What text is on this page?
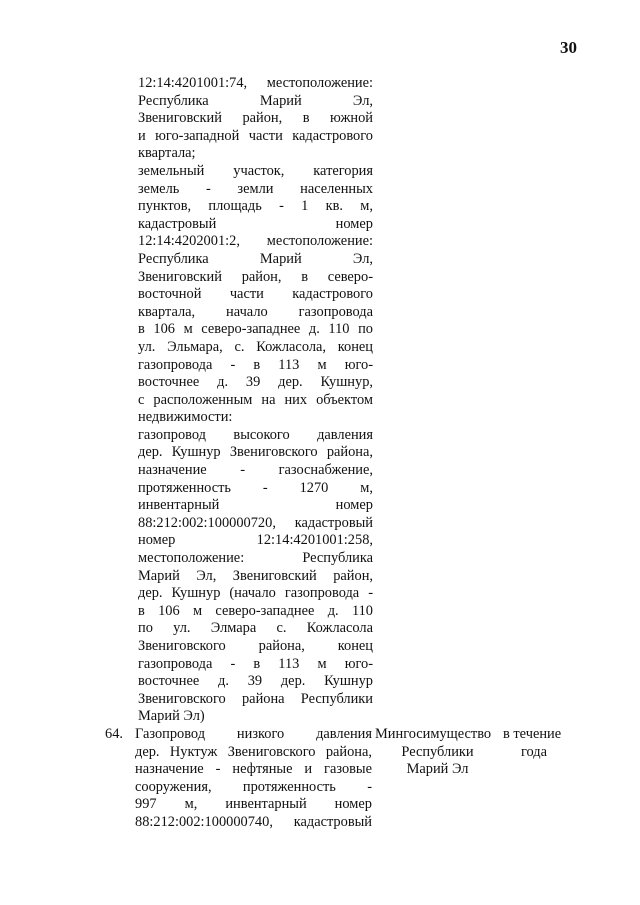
30
12:14:4201001:74, местоположение:
Республика Марий Эл,
Звениговский район, в южной
и юго-западной части кадастрового
квартала;
земельный участок, категория
земель - земли населенных
пунктов, площадь - 1 кв. м,
кадастровый номер
12:14:4202001:2, местоположение:
Республика Марий Эл,
Звениговский район, в северо-
восточной части кадастрового
квартала, начало газопровода
в 106 м северо-западнее д. 110 по
ул. Эльмара, с. Кожласола, конец
газопровода - в 113 м юго-
восточнее д. 39 дер. Кушнур,
с расположенным на них объектом
недвижимости:
газопровод высокого давления
дер. Кушнур Звениговского района,
назначение - газоснабжение,
протяженность - 1270 м,
инвентарный номер
88:212:002:100000720, кадастровый
номер 12:14:4201001:258,
местоположение: Республика
Марий Эл, Звениговский район,
дер. Кушнур (начало газопровода -
в 106 м северо-западнее д. 110
по ул. Элмара с. Кожласола
Звениговского района, конец
газопровода - в 113 м юго-
восточнее д. 39 дер. Кушнур
Звениговского района Республики
Марий Эл)
64. Газопровод низкого давления
дер. Нуктуж Звениговского района,
назначение - нефтяные и газовые
сооружения, протяженность -
997 м, инвентарный номер
88:212:002:100000740, кадастровый
Мингосимущество
Республики
Марий Эл
в течение
года
